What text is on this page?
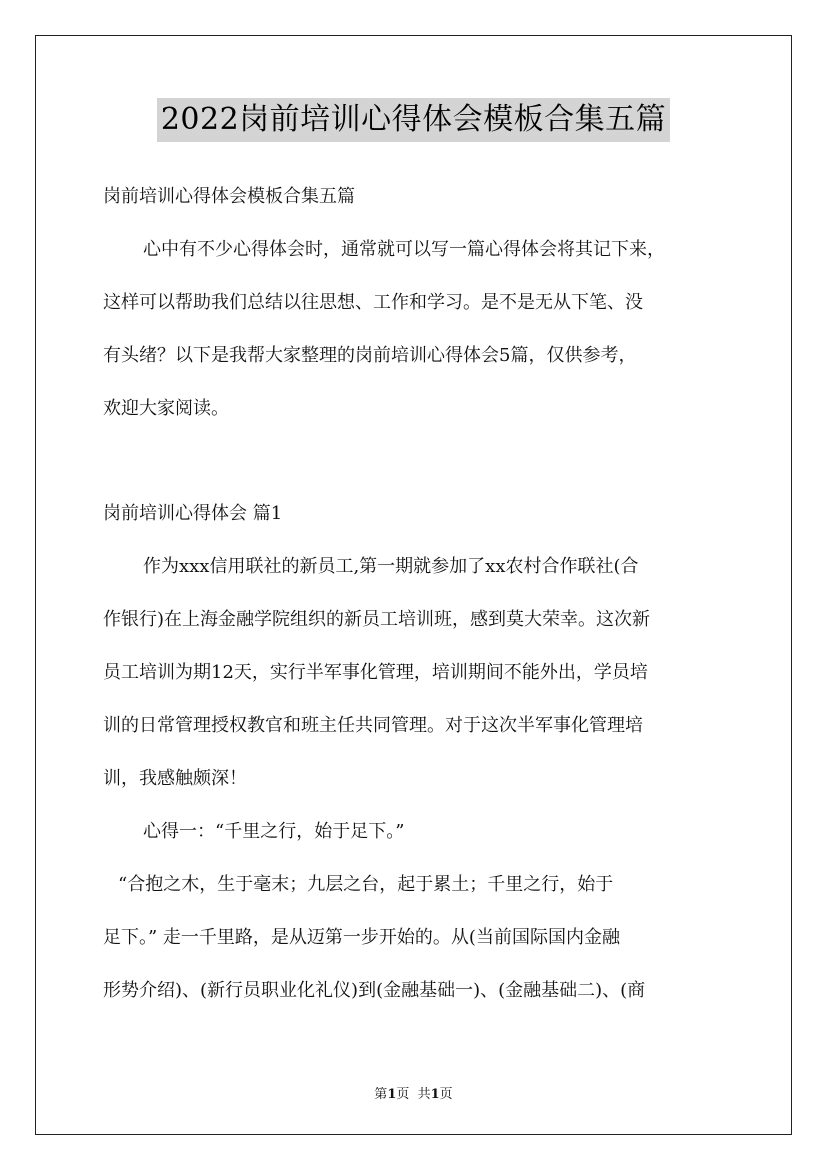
2022岗前培训心得体会模板合集五篇
岗前培训心得体会模板合集五篇
心中有不少心得体会时，通常就可以写一篇心得体会将其记下来，
这样可以帮助我们总结以往思想、工作和学习。是不是无从下笔、没
有头绪？以下是我帮大家整理的岗前培训心得体会5篇，仅供参考，
欢迎大家阅读。
岗前培训心得体会 篇1
作为xxx信用联社的新员工,第一期就参加了xx农村合作联社(合
作银行)在上海金融学院组织的新员工培训班，感到莫大荣幸。这次新
员工培训为期12天，实行半军事化管理，培训期间不能外出，学员培
训的日常管理授权教官和班主任共同管理。对于这次半军事化管理培
训，我感触颇深！
心得一：“千里之行，始于足下。”
“合抱之木，生于毫末；九层之台，起于累土；千里之行，始于
足下。” 走一千里路，是从迈第一步开始的。从(当前国际国内金融
形势介绍)、(新行员职业化礼仪)到(金融基础一)、(金融基础二)、(商
第1页  共1页
